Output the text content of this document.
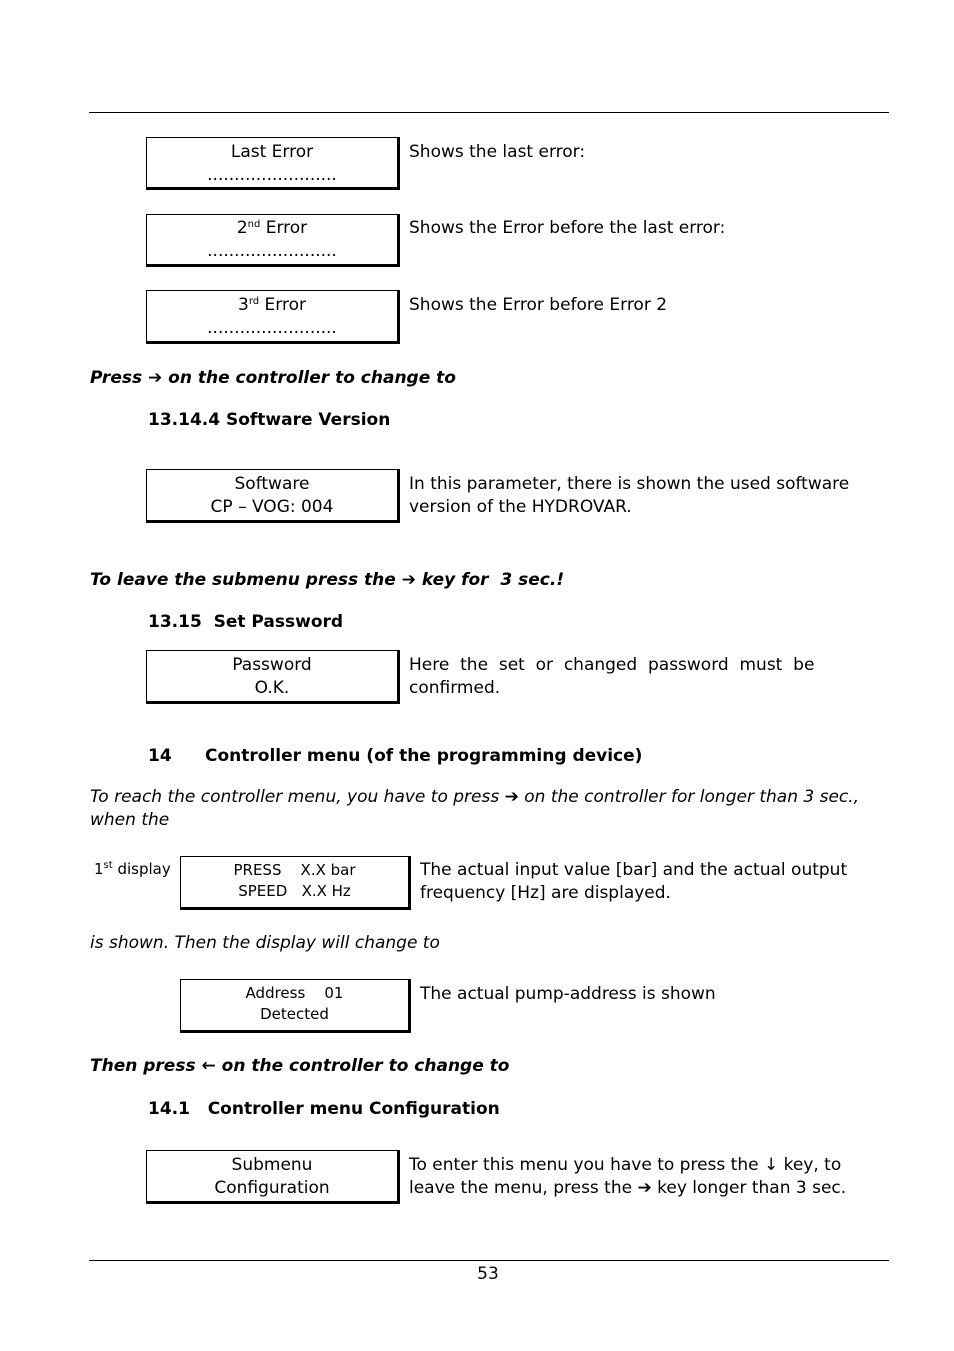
Last Error
........................
Shows the last error:
2nd Error
........................
Shows the Error before the last error:
3rd Error
........................
Shows the Error before Error 2
Press ➔ on the controller to change to
13.14.4 Software Version
Software
CP – VOG: 004
In this parameter, there is shown the used software
version of the HYDROVAR.
To leave the submenu press the ➔ key for  3 sec.!
13.15  Set Password
Password
O.K.
Here  the  set  or  changed  password  must  be
confirmed.
14 Controller menu (of the programming device)
To reach the controller menu, you have to press ➔ on the controller for longer than 3 sec.,
when the
1st display	PRESS    X.X bar
SPEED   X.X Hz
The actual input value [bar] and the actual output
frequency [Hz] are displayed.
is shown. Then the display will change to
Address    01
Detected
The actual pump-address is shown
Then press ← on the controller to change to
14.1   Controller menu Configuration
Submenu
Configuration
To enter this menu you have to press the ↓ key, to
leave the menu, press the ➔ key longer than 3 sec.
53
